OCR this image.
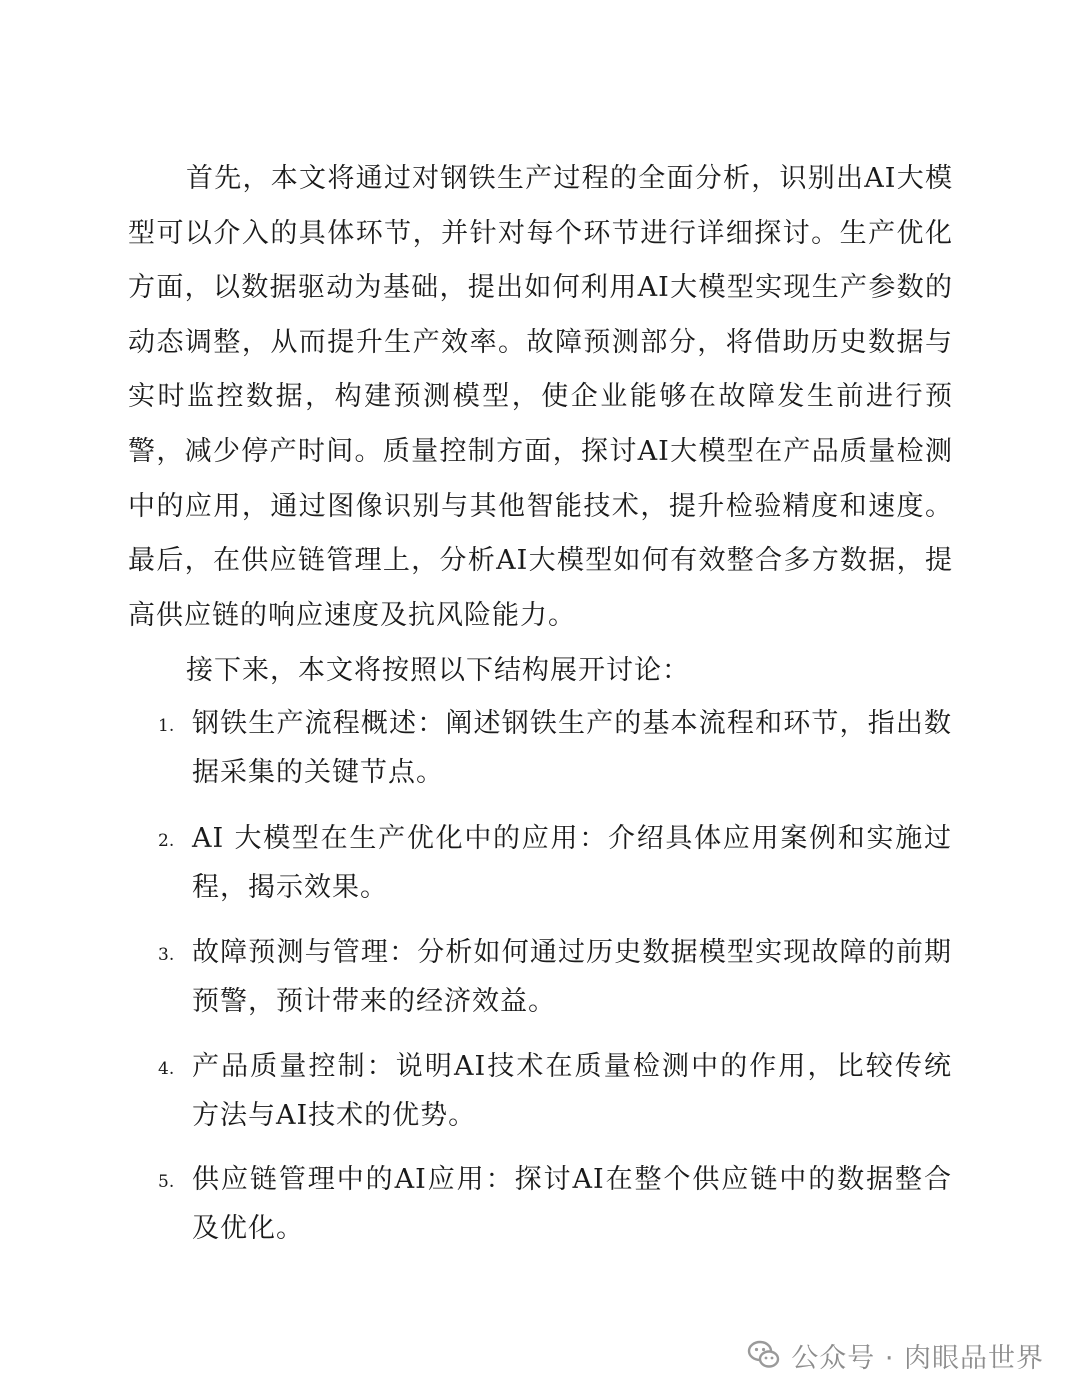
首先，本文将通过对钢铁生产过程的全面分析，识别出AI大模型可以介入的具体环节，并针对每个环节进行详细探讨。生产优化方面，以数据驱动为基础，提出如何利用AI大模型实现生产参数的动态调整，从而提升生产效率。故障预测部分，将借助历史数据与实时监控数据，构建预测模型，使企业能够在故障发生前进行预警，减少停产时间。质量控制方面，探讨AI大模型在产品质量检测中的应用，通过图像识别与其他智能技术，提升检验精度和速度。最后，在供应链管理上，分析AI大模型如何有效整合多方数据，提高供应链的响应速度及抗风险能力。

接下来，本文将按照以下结构展开讨论：

1. 钢铁生产流程概述：阐述钢铁生产的基本流程和环节，指出数据采集的关键节点。
2. AI 大模型在生产优化中的应用：介绍具体应用案例和实施过程，揭示效果。
3. 故障预测与管理：分析如何通过历史数据模型实现故障的前期预警，预计带来的经济效益。
4. 产品质量控制：说明AI技术在质量检测中的作用，比较传统方法与AI技术的优势。
5. 供应链管理中的AI应用：探讨AI在整个供应链中的数据整合及优化。
公众号 · 肉眼品世界
